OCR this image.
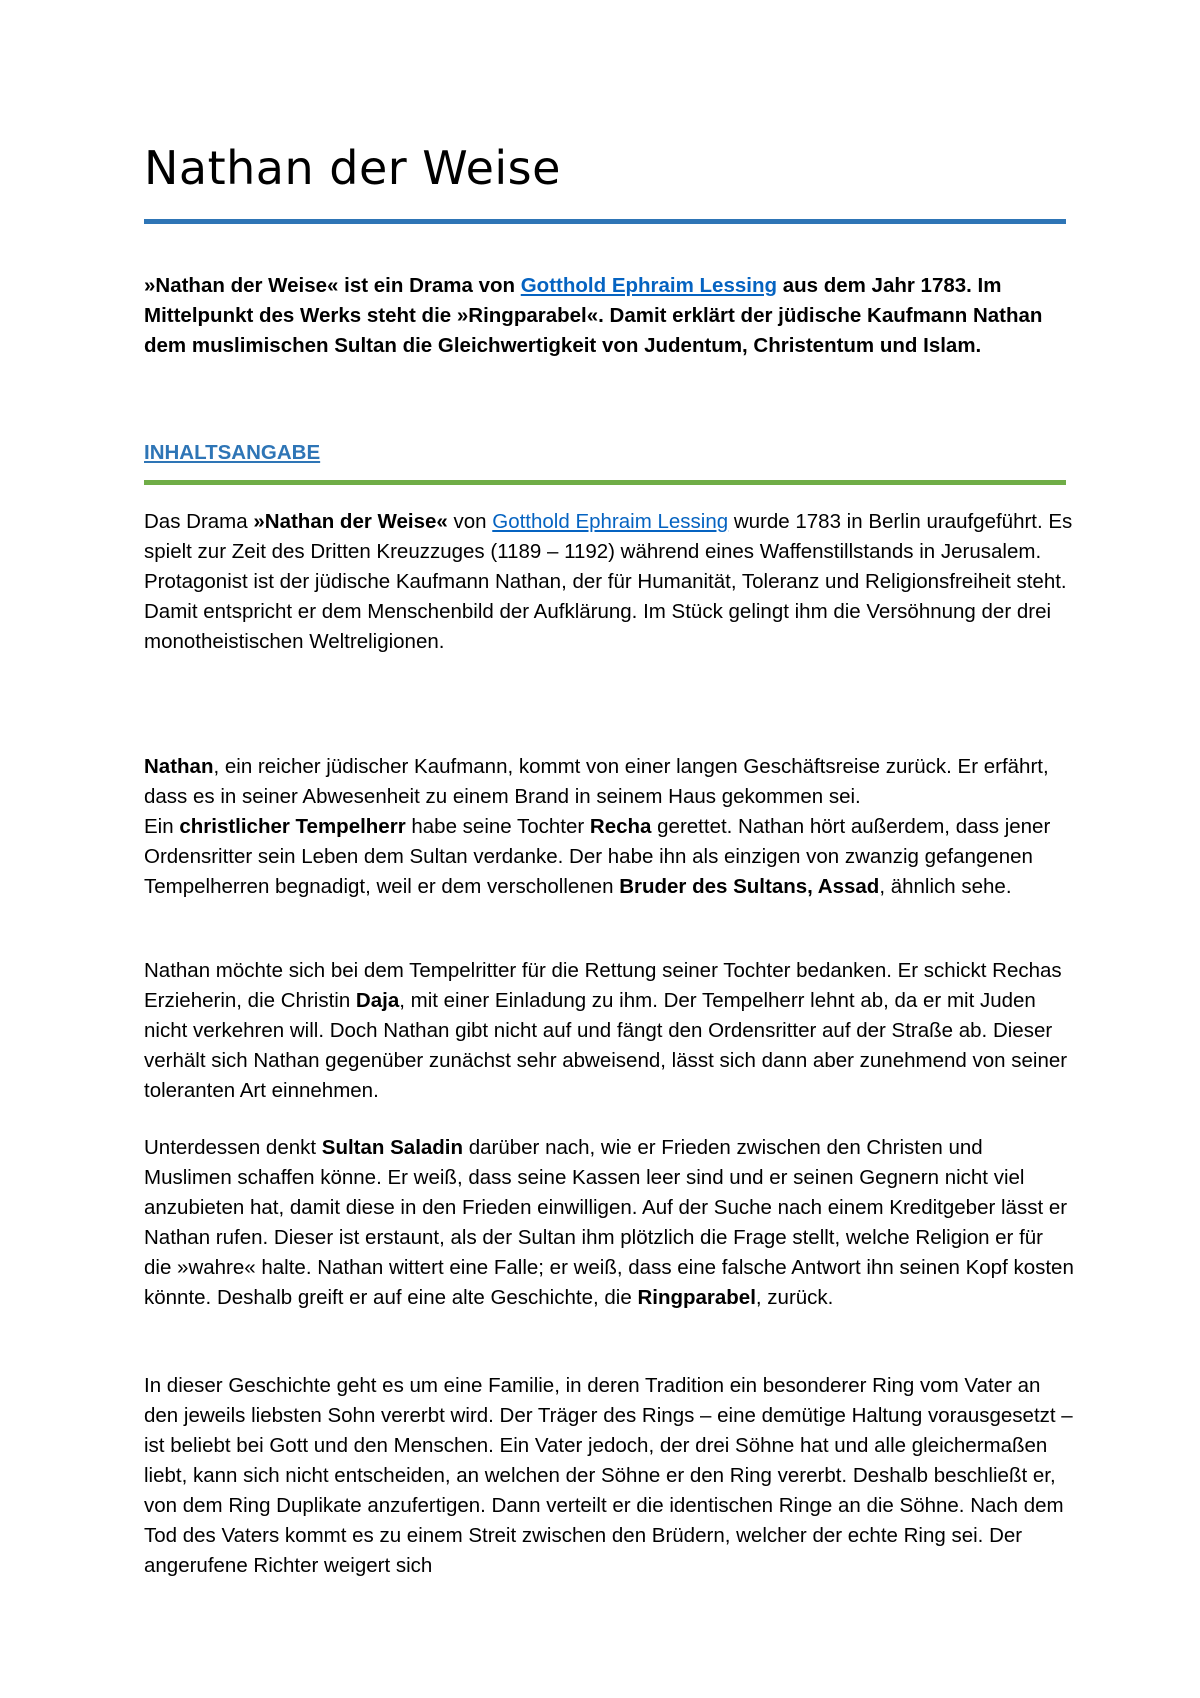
Nathan der Weise

»Nathan der Weise« ist ein Drama von Gotthold Ephraim Lessing aus dem Jahr 1783. Im Mittelpunkt des Werks steht die »Ringparabel«. Damit erklärt der jüdische Kaufmann Nathan dem muslimischen Sultan die Gleichwertigkeit von Judentum, Christentum und Islam.

INHALTSANGABE

Das Drama »Nathan der Weise« von Gotthold Ephraim Lessing wurde 1783 in Berlin uraufgeführt. Es spielt zur Zeit des Dritten Kreuzzuges (1189 – 1192) während eines Waffenstillstands in Jerusalem. Protagonist ist der jüdische Kaufmann Nathan, der für Humanität, Toleranz und Religionsfreiheit steht. Damit entspricht er dem Menschenbild der Aufklärung. Im Stück gelingt ihm die Versöhnung der drei monotheistischen Weltreligionen.

Nathan, ein reicher jüdischer Kaufmann, kommt von einer langen Geschäftsreise zurück. Er erfährt, dass es in seiner Abwesenheit zu einem Brand in seinem Haus gekommen sei.
Ein christlicher Tempelherr habe seine Tochter Recha gerettet. Nathan hört außerdem, dass jener Ordensritter sein Leben dem Sultan verdanke. Der habe ihn als einzigen von zwanzig gefangenen Tempelherren begnadigt, weil er dem verschollenen Bruder des Sultans, Assad, ähnlich sehe.

Nathan möchte sich bei dem Tempelritter für die Rettung seiner Tochter bedanken. Er schickt Rechas Erzieherin, die Christin Daja, mit einer Einladung zu ihm. Der Tempelherr lehnt ab, da er mit Juden nicht verkehren will. Doch Nathan gibt nicht auf und fängt den Ordensritter auf der Straße ab. Dieser verhält sich Nathan gegenüber zunächst sehr abweisend, lässt sich dann aber zunehmend von seiner toleranten Art einnehmen.

Unterdessen denkt Sultan Saladin darüber nach, wie er Frieden zwischen den Christen und Muslimen schaffen könne. Er weiß, dass seine Kassen leer sind und er seinen Gegnern nicht viel anzubieten hat, damit diese in den Frieden einwilligen. Auf der Suche nach einem Kreditgeber lässt er Nathan rufen. Dieser ist erstaunt, als der Sultan ihm plötzlich die Frage stellt, welche Religion er für die »wahre« halte. Nathan wittert eine Falle; er weiß, dass eine falsche Antwort ihn seinen Kopf kosten könnte. Deshalb greift er auf eine alte Geschichte, die Ringparabel, zurück.

In dieser Geschichte geht es um eine Familie, in deren Tradition ein besonderer Ring vom Vater an den jeweils liebsten Sohn vererbt wird. Der Träger des Rings – eine demütige Haltung vorausgesetzt – ist beliebt bei Gott und den Menschen. Ein Vater jedoch, der drei Söhne hat und alle gleichermaßen liebt, kann sich nicht entscheiden, an welchen der Söhne er den Ring vererbt. Deshalb beschließt er, von dem Ring Duplikate anzufertigen. Dann verteilt er die identischen Ringe an die Söhne. Nach dem Tod des Vaters kommt es zu einem Streit zwischen den Brüdern, welcher der echte Ring sei. Der angerufene Richter weigert sich
